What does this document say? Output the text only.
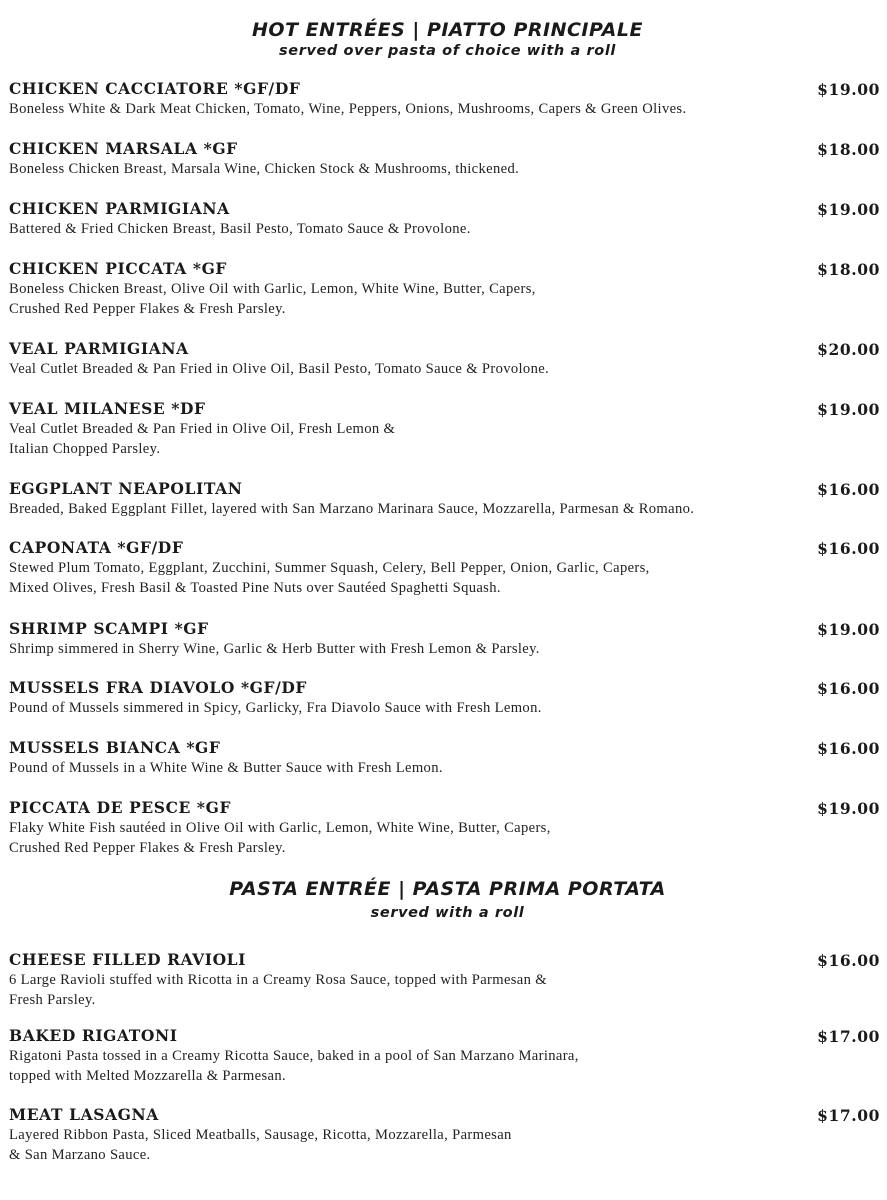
HOT ENTRÉES | PIATTO PRINCIPALE
served over pasta of choice with a roll
CHICKEN CACCIATORE *GF/DF	$19.00
Boneless White & Dark Meat Chicken, Tomato, Wine, Peppers, Onions, Mushrooms, Capers & Green Olives.
CHICKEN MARSALA *GF	$18.00
Boneless Chicken Breast, Marsala Wine, Chicken Stock & Mushrooms, thickened.
CHICKEN PARMIGIANA	$19.00
Battered & Fried Chicken Breast, Basil Pesto, Tomato Sauce & Provolone.
CHICKEN PICCATA *GF	$18.00
Boneless Chicken Breast, Olive Oil with Garlic, Lemon, White Wine, Butter, Capers,
Crushed Red Pepper Flakes & Fresh Parsley.
VEAL PARMIGIANA	$20.00
Veal Cutlet Breaded & Pan Fried in Olive Oil, Basil Pesto, Tomato Sauce & Provolone.
VEAL MILANESE *DF	$19.00
Veal Cutlet Breaded & Pan Fried in Olive Oil, Fresh Lemon &
Italian Chopped Parsley.
EGGPLANT NEAPOLITAN	$16.00
Breaded, Baked Eggplant Fillet, layered with San Marzano Marinara Sauce, Mozzarella, Parmesan & Romano.
CAPONATA *GF/DF	$16.00
Stewed Plum Tomato, Eggplant, Zucchini, Summer Squash, Celery, Bell Pepper, Onion, Garlic, Capers,
Mixed Olives, Fresh Basil & Toasted Pine Nuts over Sautéed Spaghetti Squash.
SHRIMP SCAMPI *GF	$19.00
Shrimp simmered in Sherry Wine, Garlic & Herb Butter with Fresh Lemon & Parsley.
MUSSELS FRA DIAVOLO *GF/DF	$16.00
Pound of Mussels simmered in Spicy, Garlicky, Fra Diavolo Sauce with Fresh Lemon.
MUSSELS BIANCA *GF	$16.00
Pound of Mussels in a White Wine & Butter Sauce with Fresh Lemon.
PICCATA DE PESCE *GF	$19.00
Flaky White Fish sautéed in Olive Oil with Garlic, Lemon, White Wine, Butter, Capers,
Crushed Red Pepper Flakes & Fresh Parsley.
PASTA ENTRÉE | PASTA PRIMA PORTATA
served with a roll
CHEESE FILLED RAVIOLI	$16.00
6 Large Ravioli stuffed with Ricotta in a Creamy Rosa Sauce, topped with Parmesan &
Fresh Parsley.
BAKED RIGATONI	$17.00
Rigatoni Pasta tossed in a Creamy Ricotta Sauce, baked in a pool of San Marzano Marinara,
topped with Melted Mozzarella & Parmesan.
MEAT LASAGNA	$17.00
Layered Ribbon Pasta, Sliced Meatballs, Sausage, Ricotta, Mozzarella, Parmesan
& San Marzano Sauce.
